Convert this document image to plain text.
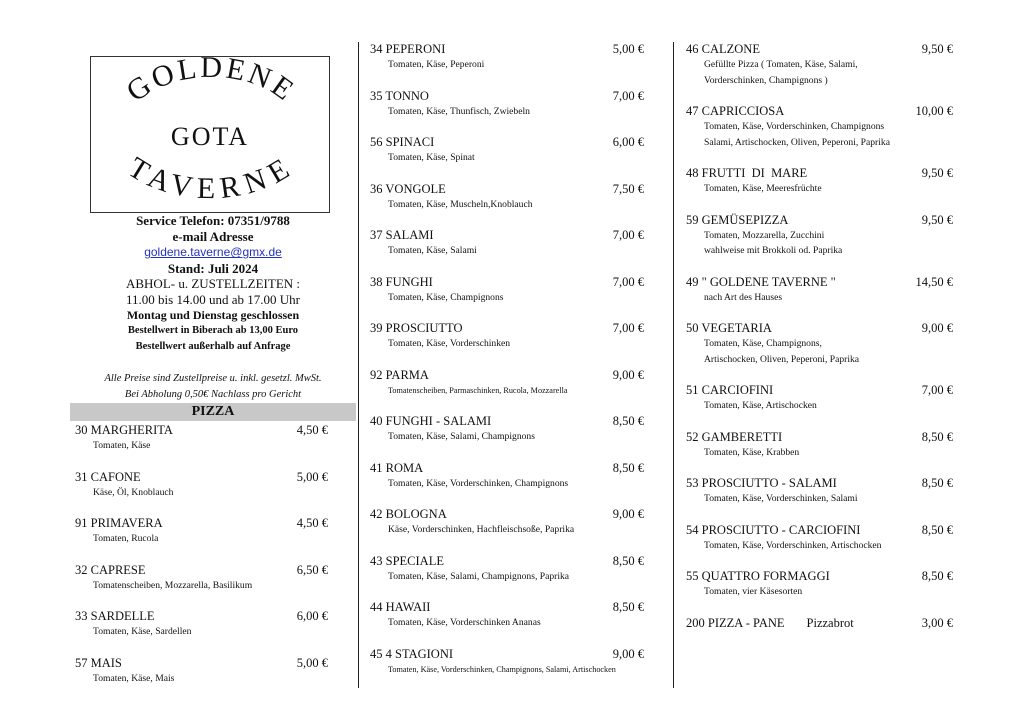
GOLDENE
GOTA
TAVERNE
Service Telefon: 07351/9788
e-mail Adresse
goldene.taverne@gmx.de
Stand: Juli 2024
ABHOL- u. ZUSTELLZEITEN :
11.00 bis 14.00 und ab 17.00 Uhr
Montag und Dienstag geschlossen
Bestellwert in Biberach ab 13,00 Euro
Bestellwert außerhalb auf Anfrage
Alle Preise sind Zustellpreise u. inkl. gesetzl. MwSt.
Bei Abholung 0,50€ Nachlass pro Gericht
PIZZA
30 MARGHERITA	4,50 €
Tomaten, Käse
31 CAFONE	5,00 €
Käse, Öl, Knoblauch
91 PRIMAVERA	4,50 €
Tomaten, Rucola
32 CAPRESE	6,50 €
Tomatenscheiben, Mozzarella, Basilikum
33 SARDELLE	6,00 €
Tomaten, Käse, Sardellen
57 MAIS	5,00 €
Tomaten, Käse, Mais
34 PEPERONI	5,00 €
Tomaten, Käse, Peperoni
35 TONNO	7,00 €
Tomaten, Käse, Thunfisch, Zwiebeln
56 SPINACI	6,00 €
Tomaten, Käse, Spinat
36 VONGOLE	7,50 €
Tomaten, Käse, Muscheln,Knoblauch
37 SALAMI	7,00 €
Tomaten, Käse, Salami
38 FUNGHI	7,00 €
Tomaten, Käse, Champignons
39 PROSCIUTTO	7,00 €
Tomaten, Käse, Vorderschinken
92 PARMA	9,00 €
Tomatenscheiben, Parmaschinken, Rucola, Mozzarella
40 FUNGHI - SALAMI	8,50 €
Tomaten, Käse, Salami, Champignons
41 ROMA	8,50 €
Tomaten, Käse, Vorderschinken, Champignons
42 BOLOGNA	9,00 €
Käse, Vorderschinken, Hachfleischsoße, Paprika
43 SPECIALE	8,50 €
Tomaten, Käse, Salami, Champignons, Paprika
44 HAWAII	8,50 €
Tomaten, Käse, Vorderschinken Ananas
45 4 STAGIONI	9,00 €
Tomaten, Käse, Vorderschinken, Champignons, Salami, Artischocken
46 CALZONE	9,50 €
Gefüllte Pizza ( Tomaten, Käse, Salami,
Vorderschinken, Champignons )
47 CAPRICCIOSA	10,00 €
Tomaten, Käse, Vorderschinken, Champignons
Salami, Artischocken, Oliven, Peperoni, Paprika
48 FRUTTI  DI  MARE	9,50 €
Tomaten, Käse, Meeresfrüchte
59 GEMÜSEPIZZA	9,50 €
Tomaten, Mozzarella, Zucchini
wahlweise mit Brokkoli od. Paprika
49 " GOLDENE TAVERNE "	14,50 €
nach Art des Hauses
50 VEGETARIA	9,00 €
Tomaten, Käse, Champignons,
Artischocken, Oliven, Peperoni, Paprika
51 CARCIOFINI	7,00 €
Tomaten, Käse, Artischocken
52 GAMBERETTI	8,50 €
Tomaten, Käse, Krabben
53 PROSCIUTTO - SALAMI	8,50 €
Tomaten, Käse, Vorderschinken, Salami
54 PROSCIUTTO - CARCIOFINI	8,50 €
Tomaten, Käse, Vorderschinken, Artischocken
55 QUATTRO FORMAGGI	8,50 €
Tomaten, vier Käsesorten
200 PIZZA - PANE Pizzabrot	3,00 €
